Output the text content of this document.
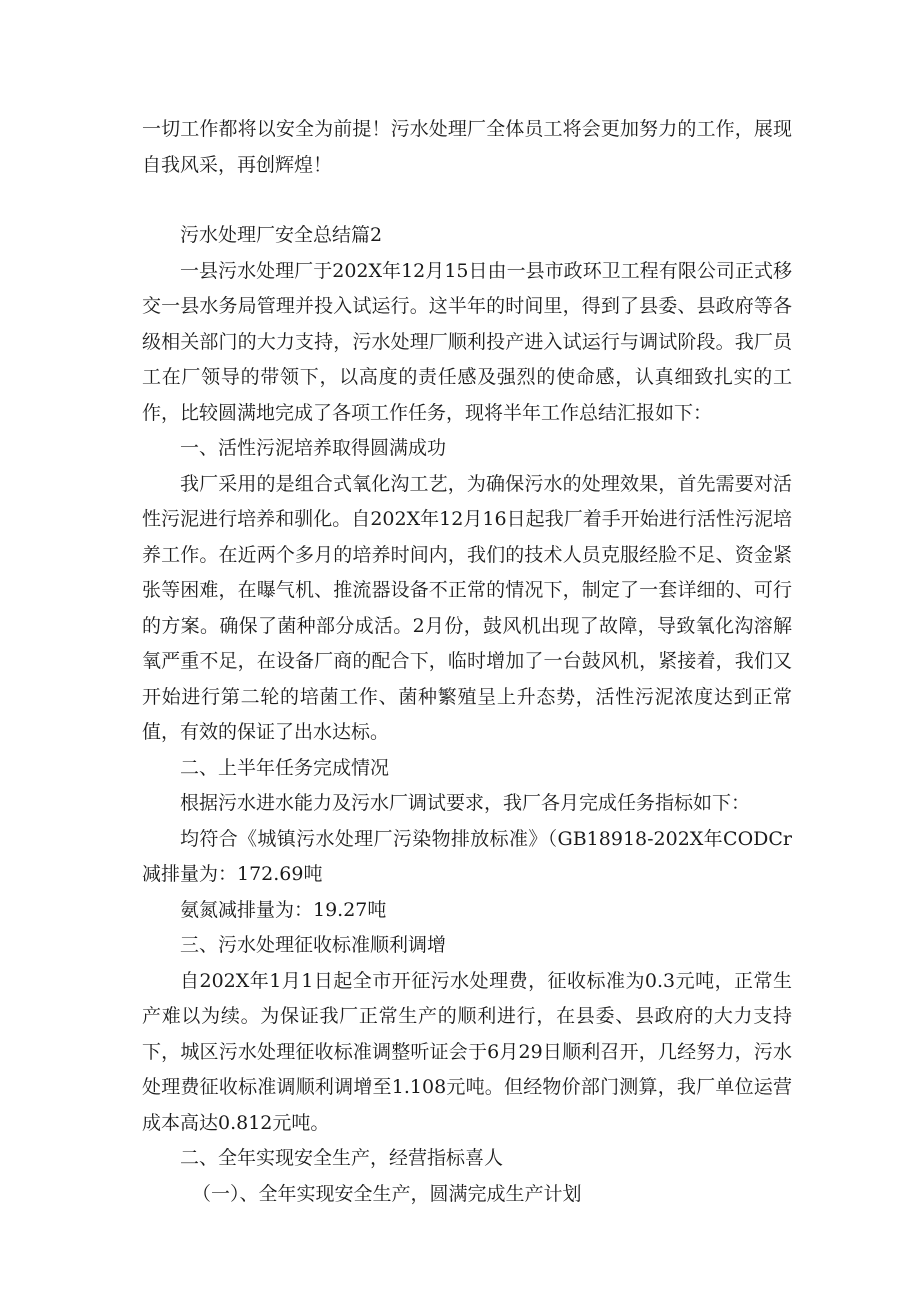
一切工作都将以安全为前提！污水处理厂全体员工将会更加努力的工作，展现自我风采，再创辉煌！

污水处理厂安全总结篇2

一县污水处理厂于202X年12月15日由一县市政环卫工程有限公司正式移交一县水务局管理并投入试运行。这半年的时间里，得到了县委、县政府等各级相关部门的大力支持，污水处理厂顺利投产进入试运行与调试阶段。我厂员工在厂领导的带领下，以高度的责任感及强烈的使命感，认真细致扎实的工作，比较圆满地完成了各项工作任务，现将半年工作总结汇报如下：

一、活性污泥培养取得圆满成功

我厂采用的是组合式氧化沟工艺，为确保污水的处理效果，首先需要对活性污泥进行培养和驯化。自202X年12月16日起我厂着手开始进行活性污泥培养工作。在近两个多月的培养时间内，我们的技术人员克服经脸不足、资金紧张等困难，在曝气机、推流器设备不正常的情况下，制定了一套详细的、可行的方案。确保了菌种部分成活。2月份，鼓风机出现了故障，导致氧化沟溶解氧严重不足，在设备厂商的配合下，临时增加了一台鼓风机，紧接着，我们又开始进行第二轮的培菌工作、菌种繁殖呈上升态势，活性污泥浓度达到正常值，有效的保证了出水达标。

二、上半年任务完成情况

根据污水进水能力及污水厂调试要求，我厂各月完成任务指标如下：

均符合《城镇污水处理厂污染物排放标准》（GB18918-202X年CODCr减排量为：172.69吨

氨氮减排量为：19.27吨

三、污水处理征收标准顺利调增

自202X年1月1日起全市开征污水处理费，征收标准为0.3元吨，正常生产难以为续。为保证我厂正常生产的顺利进行，在县委、县政府的大力支持下，城区污水处理征收标准调整听证会于6月29日顺利召开，几经努力，污水处理费征收标准调顺利调增至1.108元吨。但经物价部门测算，我厂单位运营成本高达0.812元吨。

二、全年实现安全生产，经营指标喜人

（一）、全年实现安全生产，圆满完成生产计划
